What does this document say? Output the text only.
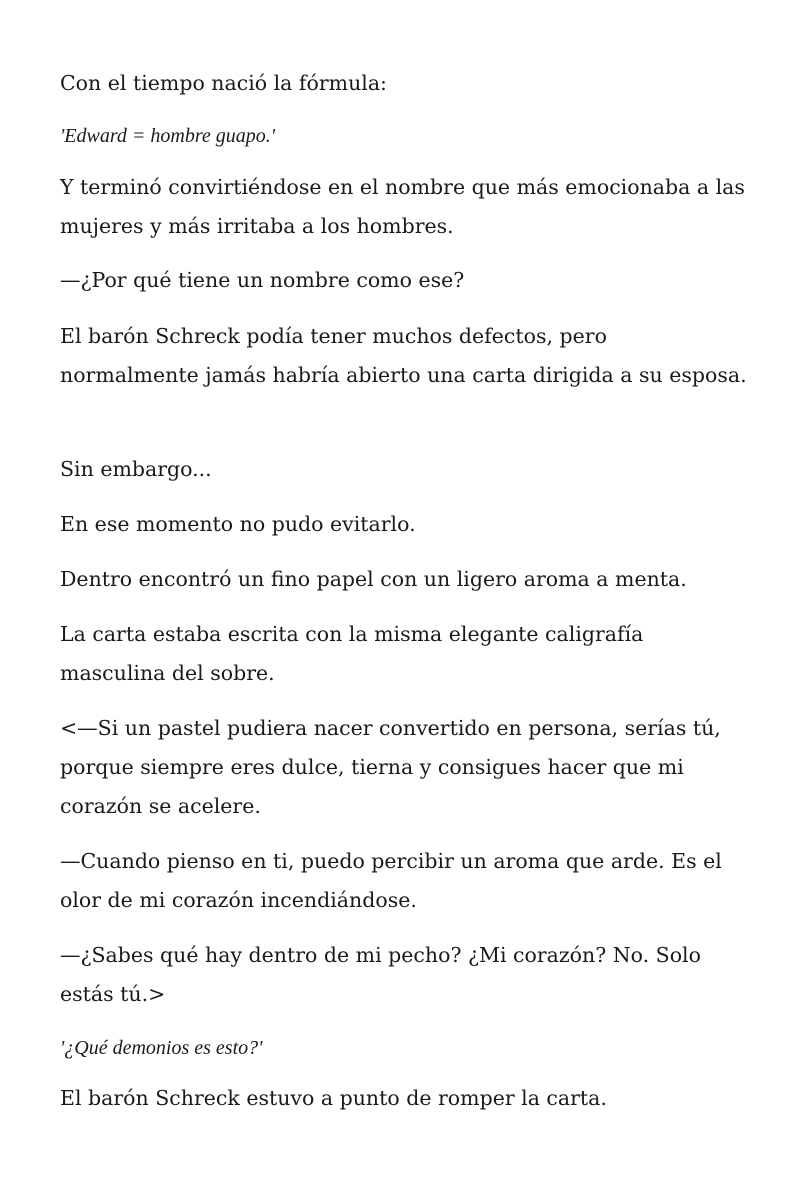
Con el tiempo nació la fórmula:

'Edward = hombre guapo.'

Y terminó convirtiéndose en el nombre que más emocionaba a las mujeres y más irritaba a los hombres.

—¿Por qué tiene un nombre como ese?

El barón Schreck podía tener muchos defectos, pero normalmente jamás habría abierto una carta dirigida a su esposa.

Sin embargo...

En ese momento no pudo evitarlo.

Dentro encontró un fino papel con un ligero aroma a menta.

La carta estaba escrita con la misma elegante caligrafía masculina del sobre.

<—Si un pastel pudiera nacer convertido en persona, serías tú, porque siempre eres dulce, tierna y consigues hacer que mi corazón se acelere.

—Cuando pienso en ti, puedo percibir un aroma que arde. Es el olor de mi corazón incendiándose.

—¿Sabes qué hay dentro de mi pecho? ¿Mi corazón? No. Solo estás tú.>

'¿Qué demonios es esto?'

El barón Schreck estuvo a punto de romper la carta.
